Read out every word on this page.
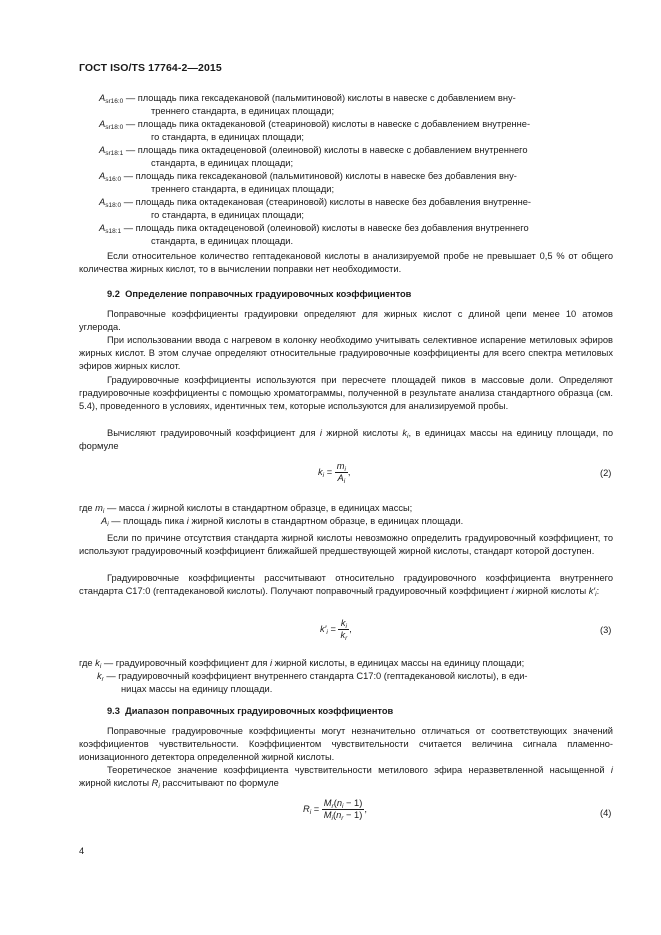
ГОСТ ISO/TS 17764-2—2015
$A_{sr16:0}$ — площадь пика гексадекановой (пальмитиновой) кислоты в навеске с добавлением вну-
треннего стандарта, в единицах площади;
$A_{sr18:0}$ — площадь пика октадекановой (стеариновой) кислоты в навеске с добавлением внутренне-
го стандарта, в единицах площади;
$A_{sr18:1}$ — площадь пика октадеценовой (олеиновой) кислоты в навеске с добавлением внутреннего
стандарта, в единицах площади;
$A_{s16:0}$ — площадь пика гексадекановой (пальмитиновой) кислоты в навеске без добавления вну-
треннего стандарта, в единицах площади;
$A_{s18:0}$ — площадь пика октадекановая (стеариновой) кислоты в навеске без добавления внутренне-
го стандарта, в единицах площади;
$A_{s18:1}$ — площадь пика октадеценовой (олеиновой) кислоты в навеске без добавления внутреннего
стандарта, в единицах площади.
Если относительное количество гептадекановой кислоты в анализируемой пробе не превышает 0,5 % от общего количества жирных кислот, то в вычислении поправки нет необходимости.
9.2 Определение поправочных градуировочных коэффициентов
Поправочные коэффициенты градуировки определяют для жирных кислот с длиной цепи менее 10 атомов углерода.
При использовании ввода с нагревом в колонку необходимо учитывать селективное испарение метиловых эфиров жирных кислот. В этом случае определяют относительные градуировочные коэффициенты для всего спектра метиловых эфиров жирных кислот.
Градуировочные коэффициенты используются при пересчете площадей пиков в массовые доли. Определяют градуировочные коэффициенты с помощью хроматограммы, полученной в результате анализа стандартного образца (см. 5.4), проведенного в условиях, идентичных тем, которые используются для анализируемой пробы.
Вычисляют градуировочный коэффициент для i жирной кислоты $k_i$, в единицах массы на единицу площади, по формуле
$k_i = \frac{m_i}{A_i}$ ,	(2)
где $m_i$ — масса i жирной кислоты в стандартном образце, в единицах массы;
$A_i$ — площадь пика i жирной кислоты в стандартном образце, в единицах площади.
Если по причине отсутствия стандарта жирной кислоты невозможно определить градуировочный коэффициент, то используют градуировочный коэффициент ближайшей предшествующей жирной кислоты, стандарт которой доступен.
Градуировочные коэффициенты рассчитывают относительно градуировочного коэффициента внутреннего стандарта С17:0 (гептадекановой кислоты). Получают поправочный градуировочный коэффициент i жирной кислоты $k'_i$:
$k'_i = \frac{k_i}{k_r}$ ,	(3)
где $k_i$ — градуировочный коэффициент для i жирной кислоты, в единицах массы на единицу площади;
$k_r$ — градуировочный коэффициент внутреннего стандарта С17:0 (гептадекановой кислоты), в еди-
ницах массы на единицу площади.
9.3 Диапазон поправочных градуировочных коэффициентов
Поправочные градуировочные коэффициенты могут незначительно отличаться от соответствующих значений коэффициентов чувствительности. Коэффициентом чувствительности считается величина сигнала пламенно-ионизационного детектора определенной жирной кислоты.
Теоретическое значение коэффициента чувствительности метилового эфира неразветвленной насыщенной i жирной кислоты $R_i$ рассчитывают по формуле
$R_i = \frac{M_r(n_i - 1)}{M_i(n_r - 1)}$ ,	(4)
4
